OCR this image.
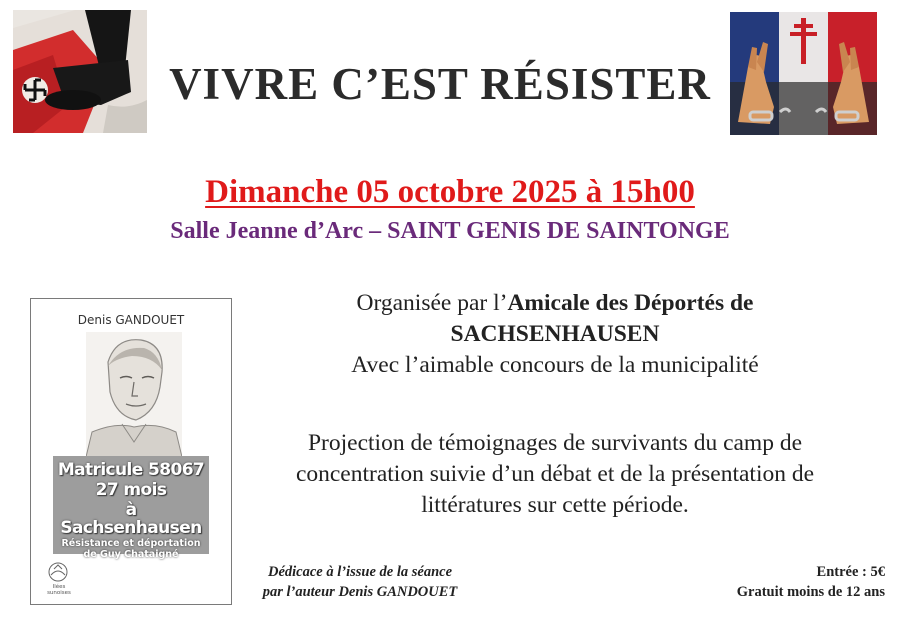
VIVRE C’EST RÉSISTER
Dimanche 05 octobre 2025 à 15h00
Salle Jeanne d’Arc – SAINT GENIS DE SAINTONGE
Denis GANDOUET
Matricule 58067
27 mois
à Sachsenhausen
Résistance et déportation
de Guy Chataigné
Ilées sunoises
Organisée par l’Amicale des Déportés de
SACHSENHAUSEN
Avec l’aimable concours de la municipalité
Projection de témoignages de survivants du camp de
concentration suivie d’un débat et de la présentation de
littératures sur cette période.
Dédicace à l’issue de la séance
par l’auteur Denis GANDOUET
Entrée : 5€
Gratuit moins de 12 ans
